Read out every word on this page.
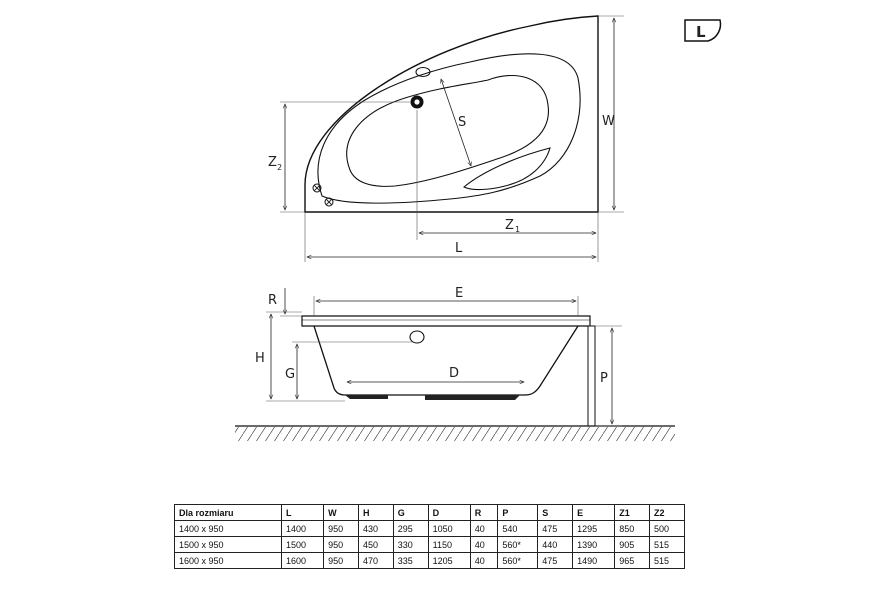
W
Z 2
S
Z 1
L
L
E
R
H
G	D	P
Dla rozmiaru	L	W	H	G	D	R	P	S	E	Z1	Z2
1400 x 950	1400	950	430	295	1050	40	540	475	1295	850	500
1500 x 950	1500	950	450	330	1150	40	560*	440	1390	905	515
1600 x 950	1600	950	470	335	1205	40	560*	475	1490	965	515
